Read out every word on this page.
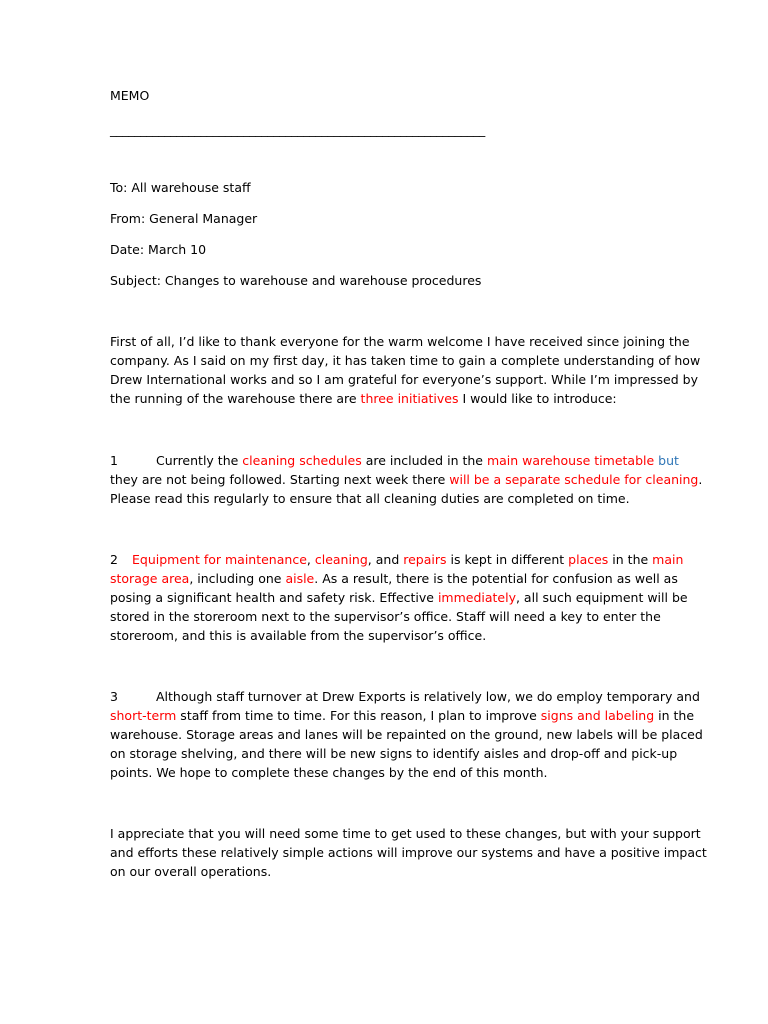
MEMO
______________________________________________________________
To: All warehouse staff
From: General Manager
Date: March 10
Subject: Changes to warehouse and warehouse procedures
First of all, I’d like to thank everyone for the warm welcome I have received since joining the
company. As I said on my first day, it has taken time to gain a complete understanding of how
Drew International works and so I am grateful for everyone’s support. While I’m impressed by
the running of the warehouse there are three initiatives I would like to introduce:
1	Currently the cleaning schedules are included in the main warehouse timetable but
they are not being followed. Starting next week there will be a separate schedule for cleaning.
Please read this regularly to ensure that all cleaning duties are completed on time.
2 Equipment for maintenance, cleaning, and repairs is kept in different places in the main
storage area, including one aisle. As a result, there is the potential for confusion as well as
posing a significant health and safety risk. Effective immediately, all such equipment will be
stored in the storeroom next to the supervisor’s office. Staff will need a key to enter the
storeroom, and this is available from the supervisor’s office.
3	Although staff turnover at Drew Exports is relatively low, we do employ temporary and
short-term staff from time to time. For this reason, I plan to improve signs and labeling in the
warehouse. Storage areas and lanes will be repainted on the ground, new labels will be placed
on storage shelving, and there will be new signs to identify aisles and drop-off and pick-up
points. We hope to complete these changes by the end of this month.
I appreciate that you will need some time to get used to these changes, but with your support
and efforts these relatively simple actions will improve our systems and have a positive impact
on our overall operations.
